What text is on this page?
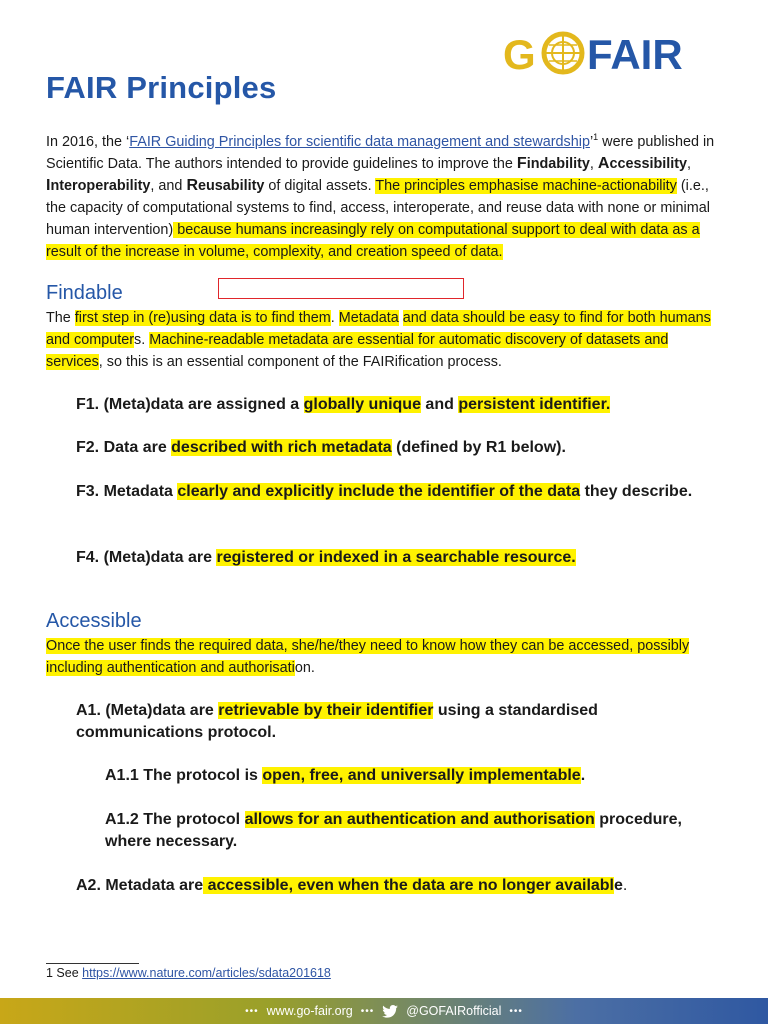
G FAIR
FAIR Principles

In 2016, the ‘FAIR Guiding Principles for scientific data management and stewardship’$^1$ were published in Scientific Data. The authors intended to provide guidelines to improve the Findability, Accessibility, Interoperability, and Reusability of digital assets. The principles emphasise machine-actionability (i.e., the capacity of computational systems to find, access, interoperate, and reuse data with none or minimal human intervention) because humans increasingly rely on computational support to deal with data as a result of the increase in volume, complexity, and creation speed of data.

Findable

The first step in (re)using data is to find them. Metadata and data should be easy to find for both humans and computers. Machine-readable metadata are essential for automatic discovery of datasets and services, so this is an essential component of the FAIRification process.

F1. (Meta)data are assigned a globally unique and persistent identifier.

F2. Data are described with rich metadata (defined by R1 below).

F3. Metadata clearly and explicitly include the identifier of the data they describe.

F4. (Meta)data are registered or indexed in a searchable resource.

Accessible

Once the user finds the required data, she/he/they need to know how they can be accessed, possibly including authentication and authorisation.

A1. (Meta)data are retrievable by their identifier using a standardised communications protocol.

A1.1 The protocol is open, free, and universally implementable.

A1.2 The protocol allows for an authentication and authorisation procedure, where necessary.

A2. Metadata are accessible, even when the data are no longer available.

1 See https://www.nature.com/articles/sdata201618

••• www.go-fair.org •••	@GOFAIRofficial •••
